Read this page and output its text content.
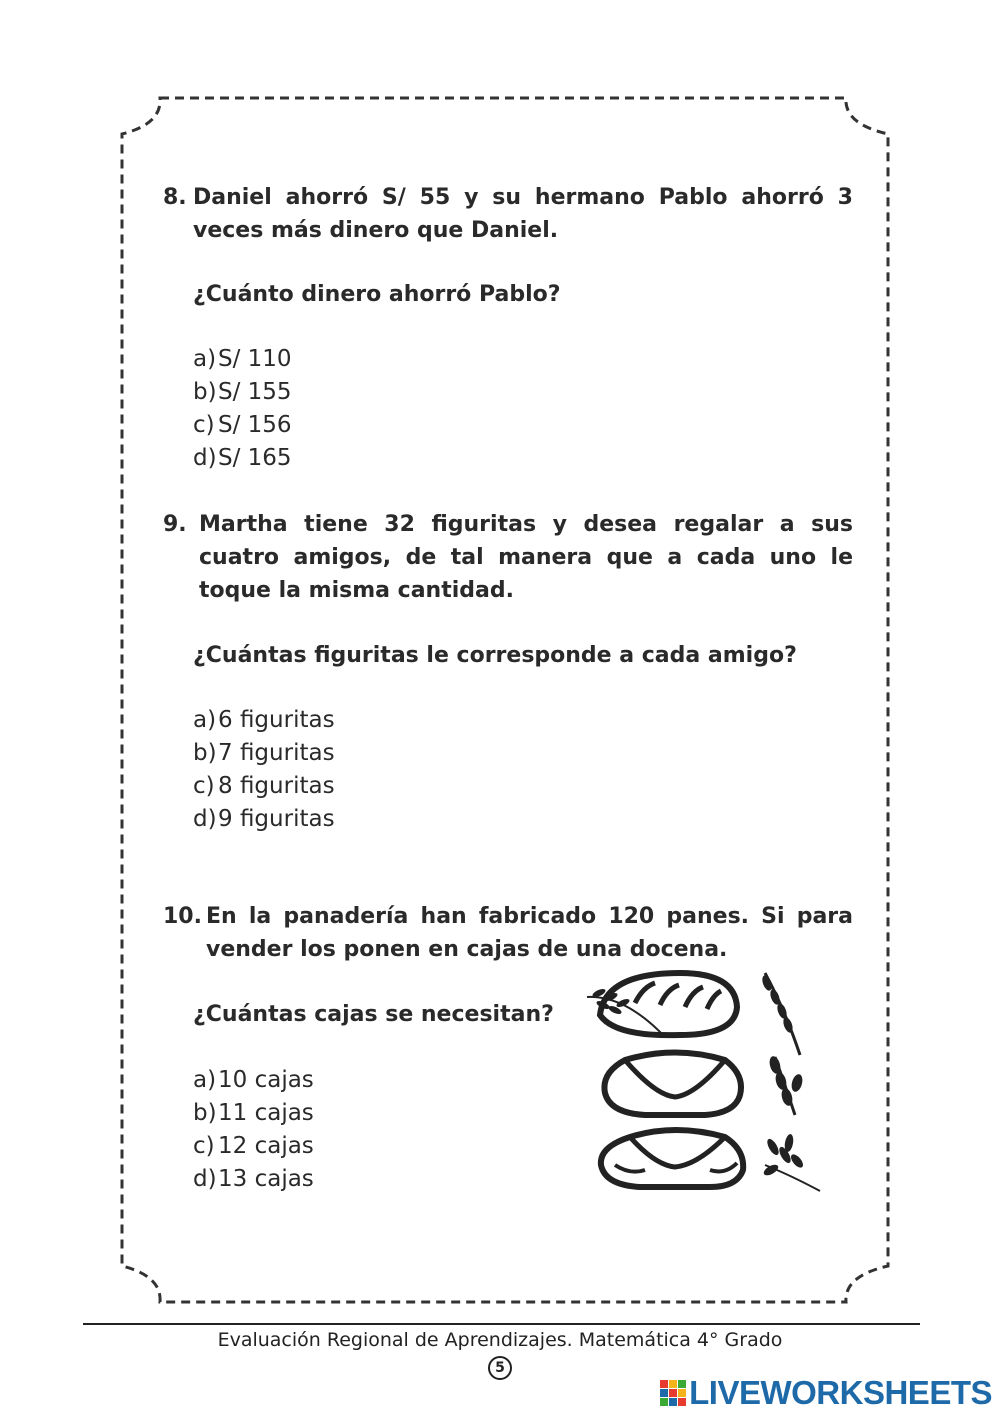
8. Daniel ahorró S/ 55 y su hermano Pablo ahorró 3 veces más dinero que Daniel.
¿Cuánto dinero ahorró Pablo?
a) S/ 110
b) S/ 155
c) S/ 156
d) S/ 165
9. Martha tiene 32 figuritas y desea regalar a sus cuatro amigos, de tal manera que a cada uno le toque la misma cantidad.
¿Cuántas figuritas le corresponde a cada amigo?
a) 6 figuritas
b) 7 figuritas
c) 8 figuritas
d) 9 figuritas
10. En la panadería han fabricado 120 panes. Si para vender los ponen en cajas de una docena.
¿Cuántas cajas se necesitan?
a) 10 cajas
b) 11 cajas
c) 12 cajas
d) 13 cajas
Evaluación Regional de Aprendizajes. Matemática 4° Grado
5
LIVEWORKSHEETS
